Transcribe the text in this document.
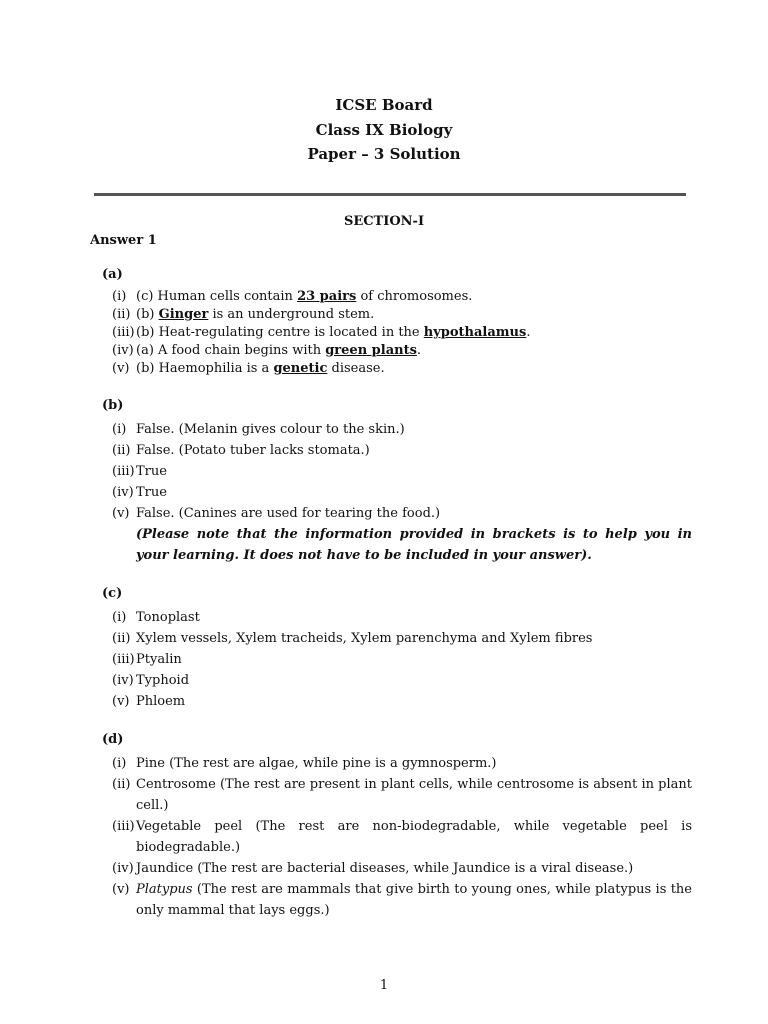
ICSE Board
Class IX Biology
Paper – 3 Solution
SECTION-I
Answer 1
(a)
(i) (c) Human cells contain 23 pairs of chromosomes.
(ii) (b) Ginger is an underground stem.
(iii) (b) Heat-regulating centre is located in the hypothalamus.
(iv) (a) A food chain begins with green plants.
(v) (b) Haemophilia is a genetic disease.
(b)
(i) False. (Melanin gives colour to the skin.)
(ii) False. (Potato tuber lacks stomata.)
(iii) True
(iv) True
(v) False. (Canines are used for tearing the food.)
(Please note that the information provided in brackets is to help you in your learning. It does not have to be included in your answer).
(c)
(i) Tonoplast
(ii) Xylem vessels, Xylem tracheids, Xylem parenchyma and Xylem fibres
(iii) Ptyalin
(iv) Typhoid
(v) Phloem
(d)
(i) Pine (The rest are algae, while pine is a gymnosperm.)
(ii) Centrosome (The rest are present in plant cells, while centrosome is absent in plant cell.)
(iii) Vegetable peel (The rest are non-biodegradable, while vegetable peel is biodegradable.)
(iv) Jaundice (The rest are bacterial diseases, while Jaundice is a viral disease.)
(v) Platypus (The rest are mammals that give birth to young ones, while platypus is the only mammal that lays eggs.)
1
